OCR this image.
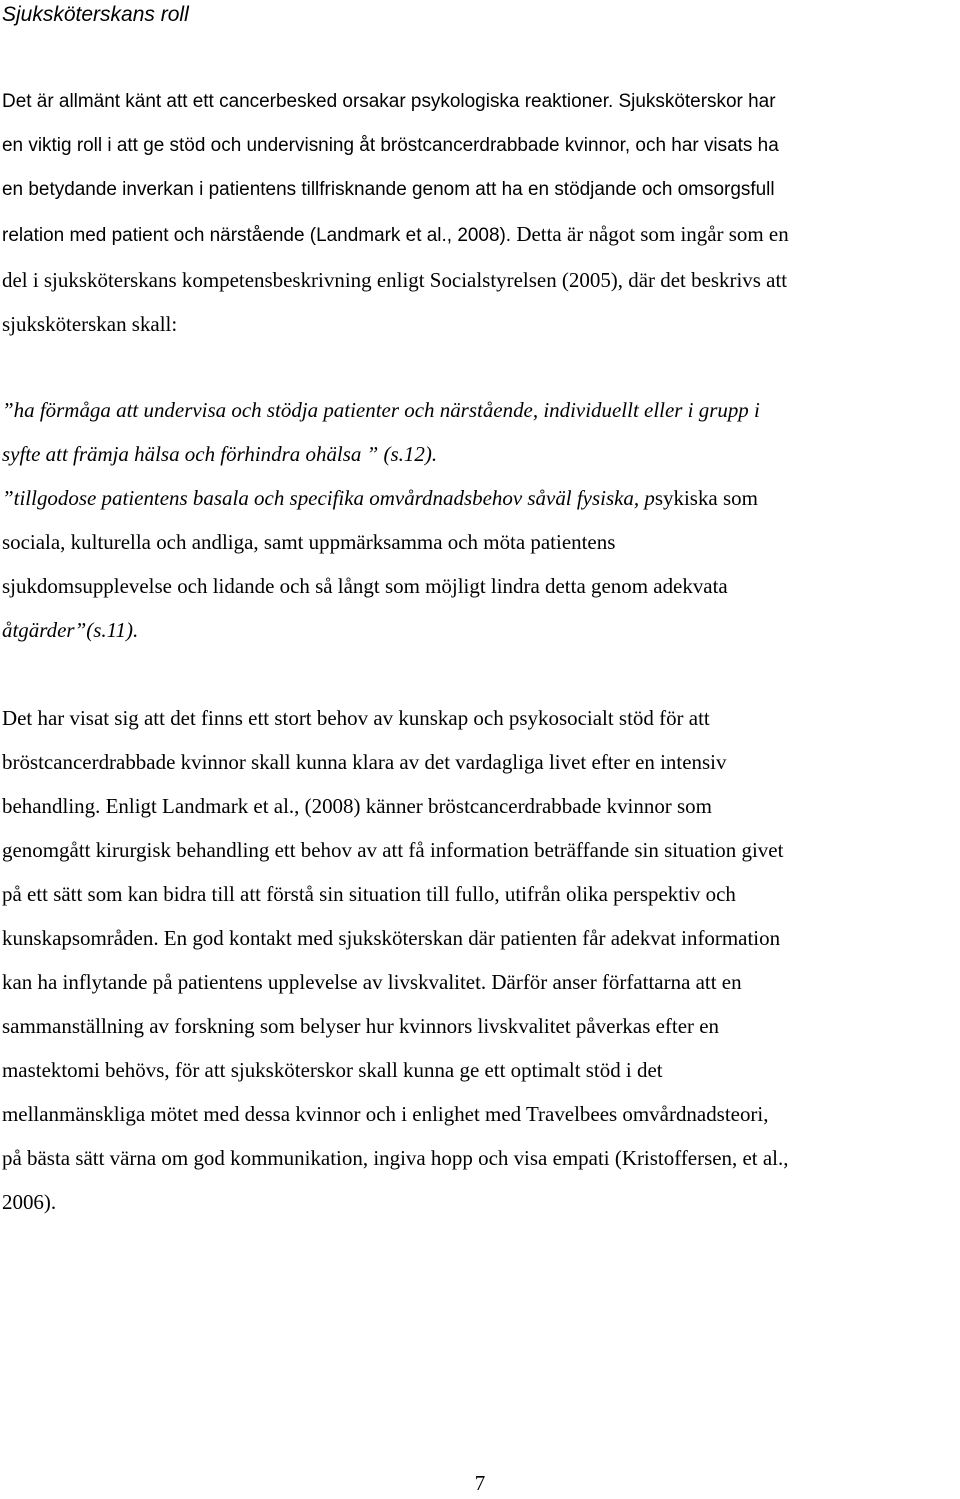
Sjuksköterskans roll
Det är allmänt känt att ett cancerbesked orsakar psykologiska reaktioner. Sjuksköterskor har
en viktig roll i att ge stöd och undervisning åt bröstcancerdrabbade kvinnor, och har visats ha
en betydande inverkan i patientens tillfrisknande genom att ha en stödjande och omsorgsfull
relation med patient och närstående (Landmark et al., 2008). Detta är något som ingår som en
del i sjuksköterskans kompetensbeskrivning enligt Socialstyrelsen (2005), där det beskrivs att
sjuksköterskan skall:
”ha förmåga att undervisa och stödja patienter och närstående, individuellt eller i grupp i
syfte att främja hälsa och förhindra ohälsa ” (s.12).
”tillgodose patientens basala och specifika omvårdnadsbehov såväl fysiska, psykiska som
sociala, kulturella och andliga, samt uppmärksamma och möta patientens
sjukdomsupplevelse och lidande och så långt som möjligt lindra detta genom adekvata
åtgärder”(s.11).
Det har visat sig att det finns ett stort behov av kunskap och psykosocialt stöd för att
bröstcancerdrabbade kvinnor skall kunna klara av det vardagliga livet efter en intensiv
behandling. Enligt Landmark et al., (2008) känner bröstcancerdrabbade kvinnor som
genomgått kirurgisk behandling ett behov av att få information beträffande sin situation givet
på ett sätt som kan bidra till att förstå sin situation till fullo, utifrån olika perspektiv och
kunskapsområden. En god kontakt med sjuksköterskan där patienten får adekvat information
kan ha inflytande på patientens upplevelse av livskvalitet. Därför anser författarna att en
sammanställning av forskning som belyser hur kvinnors livskvalitet påverkas efter en
mastektomi behövs, för att sjuksköterskor skall kunna ge ett optimalt stöd i det
mellanmänskliga mötet med dessa kvinnor och i enlighet med Travelbees omvårdnadsteori,
på bästa sätt värna om god kommunikation, ingiva hopp och visa empati (Kristoffersen, et al.,
2006).
7
